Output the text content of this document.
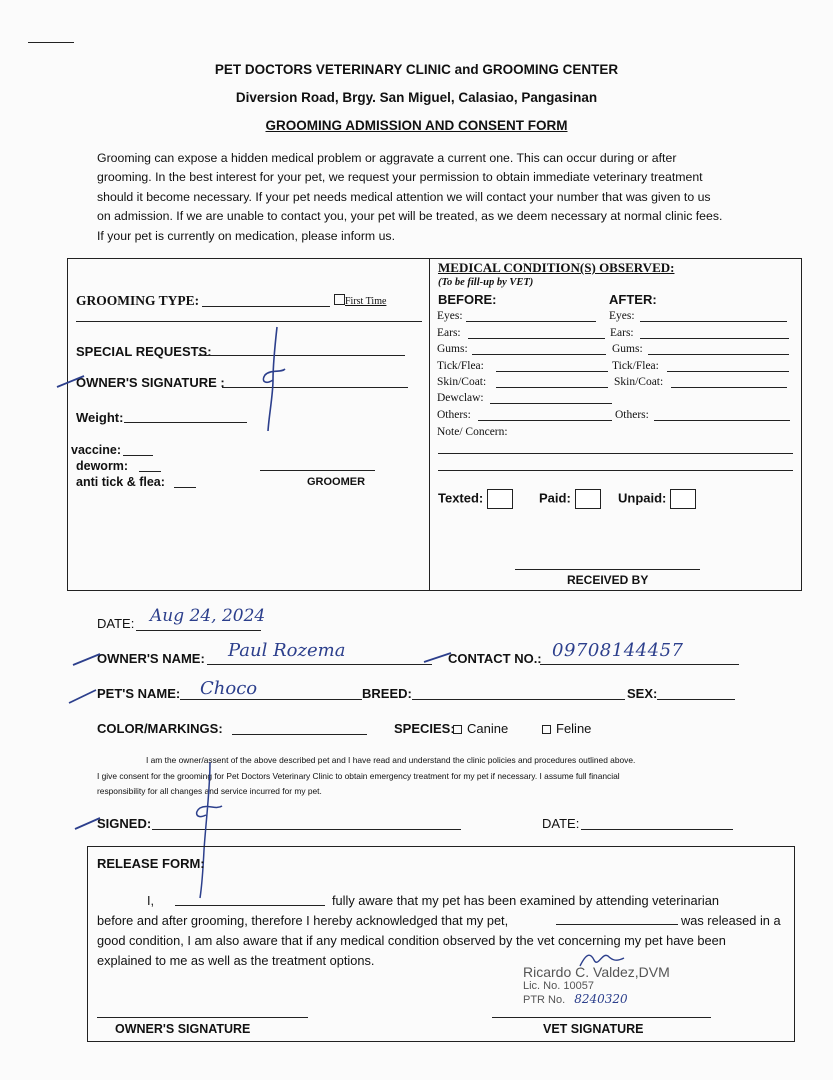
PET DOCTORS VETERINARY CLINIC and GROOMING CENTER
Diversion Road, Brgy. San Miguel, Calasiao, Pangasinan
GROOMING ADMISSION AND CONSENT FORM
Grooming can expose a hidden medical problem or aggravate a current one. This can occur during or after
grooming. In the best interest for your pet, we request your permission to obtain immediate veterinary treatment
should it become necessary. If your pet needs medical attention we will contact your number that was given to us
on admission. If we are unable to contact you, your pet will be treated, as we deem necessary at normal clinic fees.
If your pet is currently on medication, please inform us.
GROOMING TYPE:	First Time
SPECIAL REQUESTS:
OWNER'S SIGNATURE :
Weight:
vaccine:
deworm:
anti tick & flea:	GROOMER
MEDICAL CONDITION(S) OBSERVED:
(To be fill-up by VET)
BEFORE:	AFTER:
Eyes:	Eyes:
Ears:	Ears:
Gums:	Gums:
Tick/Flea:	Tick/Flea:
Skin/Coat:	Skin/Coat:
Dewclaw:
Others:	Others:
Note/ Concern:
Texted:	Paid:	Unpaid:
RECEIVED BY
DATE: Aug 24, 2024
OWNER'S NAME: Paul Rozema	CONTACT NO.: 09708144457
PET'S NAME: Choco	BREED:	SEX:
COLOR/MARKINGS:	SPECIES: Canine	Feline
I am the owner/assent of the above described pet and I have read and understand the clinic policies and procedures outlined above.
I give consent for the grooming for Pet Doctors Veterinary Clinic to obtain emergency treatment for my pet if necessary. I assume full financial
responsibility for all changes and service incurred for my pet.
SIGNED:	DATE:
RELEASE FORM:
I,	fully aware that my pet has been examined by attending veterinarian
before and after grooming, therefore I hereby acknowledged that my pet,	was released in a
good condition, I am also aware that if any medical condition observed by the vet concerning my pet have been
explained to me as well as the treatment options.
Ricardo C. Valdez,DVM
Lic. No. 10057
PTR No. 8240320
OWNER'S SIGNATURE	VET SIGNATURE
